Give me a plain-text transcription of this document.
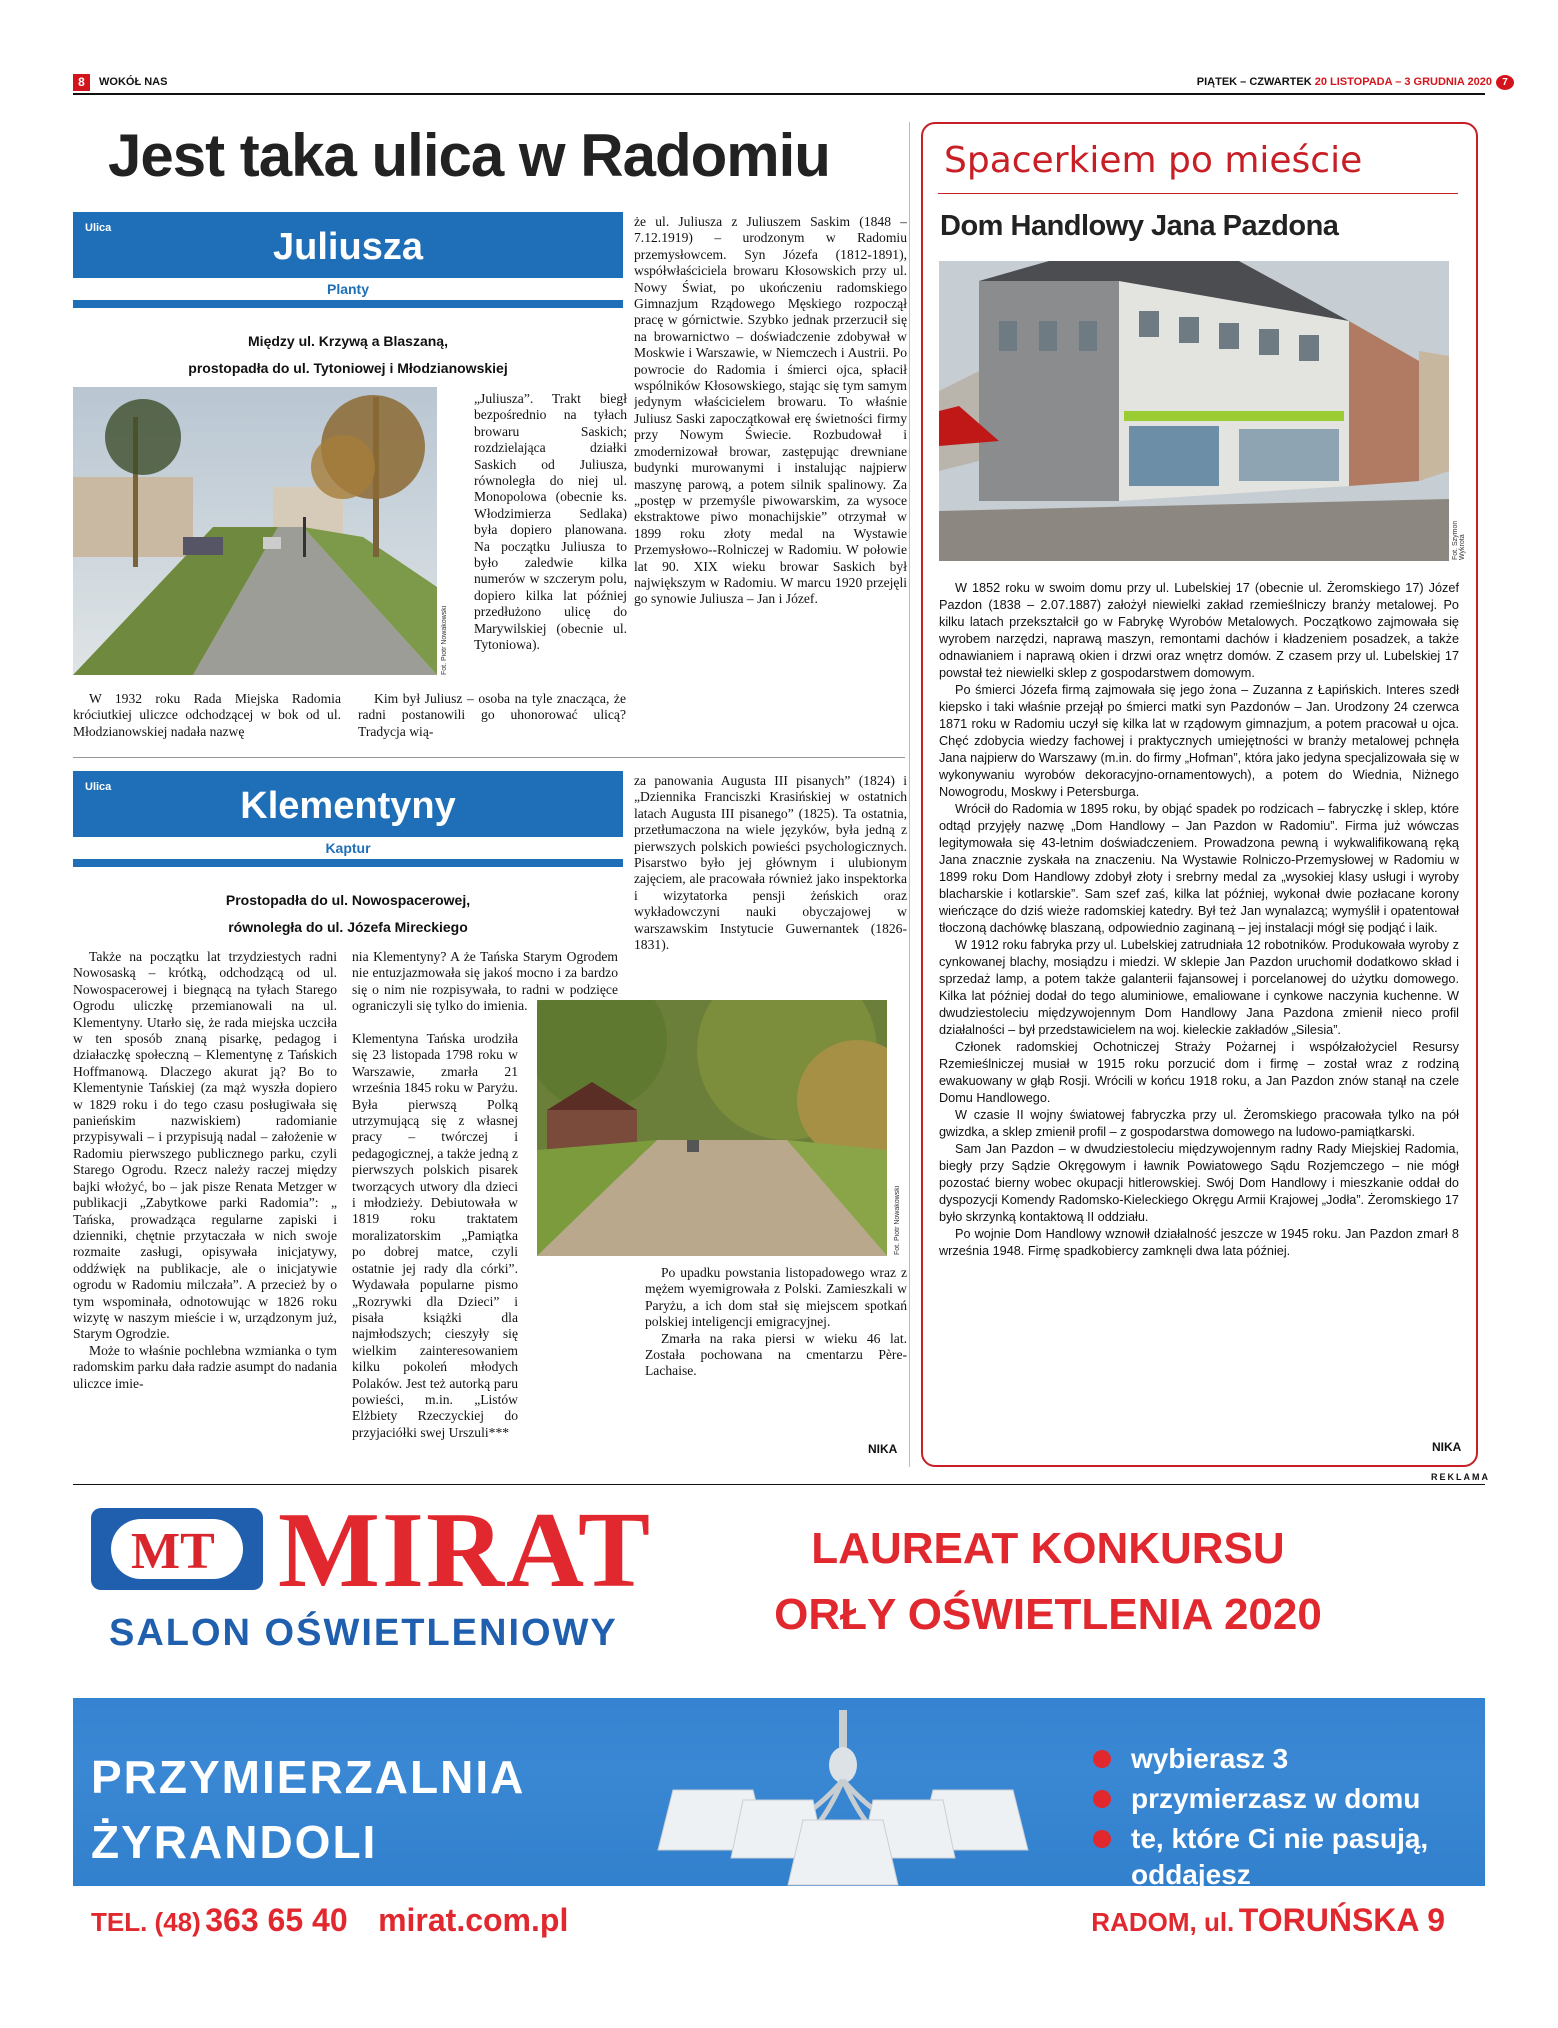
8	WOKÓŁ NAS	PIĄTEK – CZWARTEK 20 LISTOPADA – 3 GRUDNIA 2020	7
Jest taka ulica w Radomiu
Ulica	Juliusza
Planty
Między ul. Krzywą a Blaszaną,
prostopadła do ul. Tytoniowej i Młodzianowskiej
Fot. Piotr Nowakowski

„Juliusza”. Trakt biegł bezpośrednio na tyłach browaru Saskich; rozdzielająca działki Saskich od Juliusza, równoległa do niej ul. Monopolowa (obecnie ks. Włodzimierza Sedlaka) była dopiero planowana. Na początku Juliusza to było zaledwie kilka numerów w szczerym polu, dopiero kilka lat później przedłużono ulicę do Marywilskiej (obecnie ul. Tytoniowa).

W 1932 roku Rada Miejska Radomia króciutkiej uliczce odchodzącej w bok od ul. Młodzianowskiej nadała nazwę

Kim był Juliusz – osoba na tyle znacząca, że radni postanowili go uhonorować ulicą? Tradycja wią-

że ul. Juliusza z Juliuszem Saskim (1848 – 7.12.1919) – urodzonym w Radomiu przemysłowcem. Syn Józefa (1812-1891), współwłaściciela browaru Kłosowskich przy ul. Nowy Świat, po ukończeniu radomskiego Gimnazjum Rządowego Męskiego rozpoczął pracę w górnictwie. Szybko jednak przerzucił się na browarnictwo – doświadczenie zdobywał w Moskwie i Warszawie, w Niemczech i Austrii. Po powrocie do Radomia i śmierci ojca, spłacił wspólników Kłosowskiego, stając się tym samym jedynym właścicielem browaru. To właśnie Juliusz Saski zapoczątkował erę świetności firmy przy Nowym Świecie. Rozbudował i zmodernizował browar, zastępując drewniane budynki murowanymi i instalując najpierw maszynę parową, a potem silnik spalinowy. Za „postęp w przemyśle piwowarskim, za wysoce ekstraktowe piwo monachijskie” otrzymał w 1899 roku złoty medal na Wystawie Przemysłowo--Rolniczej w Radomiu. W połowie lat 90. XIX wieku browar Saskich był największym w Radomiu. W marcu 1920 przejęli go synowie Juliusza – Jan i Józef.

Ulica	Klementyny
Kaptur
Prostopadła do ul. Nowospacerowej,
równoległa do ul. Józefa Mireckiego

Także na początku lat trzydziestych radni Nowosaską – krótką, odchodzącą od ul. Nowospacerowej i biegnącą na tyłach Starego Ogrodu uliczkę przemianowali na ul. Klementyny. Utarło się, że rada miejska uczciła w ten sposób znaną pisarkę, pedagog i działaczkę społeczną – Klementynę z Tańskich Hoffmanową. Dlaczego akurat ją? Bo to Klementynie Tańskiej (za mąż wyszła dopiero w 1829 roku i do tego czasu posługiwała się panieńskim nazwiskiem) radomianie przypisywali – i przypisują nadal – założenie w Radomiu pierwszego publicznego parku, czyli Starego Ogrodu. Rzecz należy raczej między bajki włożyć, bo – jak pisze Renata Metzger w publikacji „Zabytkowe parki Radomia”: „ Tańska, prowadząca regularne zapiski i dzienniki, chętnie przytaczała w nich swoje rozmaite zasługi, opisywała inicjatywy, oddźwięk na publikacje, ale o inicjatywie ogrodu w Radomiu milczała”. A przecież by o tym wspominała, odnotowując w 1826 roku wizytę w naszym mieście i w, urządzonym już, Starym Ogrodzie.

Może to właśnie pochlebna wzmianka o tym radomskim parku dała radzie asumpt do nadania uliczce imie-

nia Klementyny? A że Tańska Starym Ogrodem nie entuzjazmowała się jakoś mocno i za bardzo się o nim nie rozpisywała, to radni w podzięce ograniczyli się tylko do imienia.

Klementyna Tańska urodziła się 23 listopada 1798 roku w Warszawie, zmarła 21 września 1845 roku w Paryżu. Była pierwszą Polką utrzymującą się z własnej pracy – twórczej i pedagogicznej, a także jedną z pierwszych polskich pisarek tworzących utwory dla dzieci i młodzieży. Debiutowała w 1819 roku traktatem moralizatorskim „Pamiątka po dobrej matce, czyli ostatnie jej rady dla córki”. Wydawała popularne pismo „Rozrywki dla Dzieci” i pisała książki dla najmłodszych; cieszyły się wielkim zainteresowaniem kilku pokoleń młodych Polaków. Jest też autorką paru powieści, m.in. „Listów Elżbiety Rzeczyckiej do przyjaciółki swej Urszuli***

za panowania Augusta III pisanych” (1824) i „Dziennika Franciszki Krasińskiej w ostatnich latach Augusta III pisanego” (1825). Ta ostatnia, przetłumaczona na wiele języków, była jedną z pierwszych polskich powieści psychologicznych. Pisarstwo było jej głównym i ulubionym zajęciem, ale pracowała również jako inspektorka i wizytatorka pensji żeńskich oraz wykładowczyni nauki obyczajowej w warszawskim Instytucie Guwernantek (1826-1831).

Fot. Piotr Nowakowski

Po upadku powstania listopadowego wraz z mężem wyemigrowała z Polski. Zamieszkali w Paryżu, a ich dom stał się miejscem spotkań polskiej inteligencji emigracyjnej.

Zmarła na raka piersi w wieku 46 lat. Została pochowana na cmentarzu Père-Lachaise.

NIKA
Spacerkiem po mieście
Dom Handlowy Jana Pazdona
Fot. Szymon Wykrota

W 1852 roku w swoim domu przy ul. Lubelskiej 17 (obecnie ul. Żeromskiego 17) Józef Pazdon (1838 – 2.07.1887) założył niewielki zakład rzemieślniczy branży metalowej. Po kilku latach przekształcił go w Fabrykę Wyrobów Metalowych. Początkowo zajmowała się wyrobem narzędzi, naprawą maszyn, remontami dachów i kładzeniem posadzek, a także odnawianiem i naprawą okien i drzwi oraz wnętrz domów. Z czasem przy ul. Lubelskiej 17 powstał też niewielki sklep z gospodarstwem domowym.

Po śmierci Józefa firmą zajmowała się jego żona – Zuzanna z Łapińskich. Interes szedł kiepsko i taki właśnie przejął po śmierci matki syn Pazdonów – Jan. Urodzony 24 czerwca 1871 roku w Radomiu uczył się kilka lat w rządowym gimnazjum, a potem pracował u ojca. Chęć zdobycia wiedzy fachowej i praktycznych umiejętności w branży metalowej pchnęła Jana najpierw do Warszawy (m.in. do firmy „Hofman”, która jako jedyna specjalizowała się w wykonywaniu wyrobów dekoracyjno-ornamentowych), a potem do Wiednia, Niżnego Nowogrodu, Moskwy i Petersburga.

Wrócił do Radomia w 1895 roku, by objąć spadek po rodzicach – fabryczkę i sklep, które odtąd przyjęły nazwę „Dom Handlowy – Jan Pazdon w Radomiu”. Firma już wówczas legitymowała się 43-letnim doświadczeniem. Prowadzona pewną i wykwalifikowaną ręką Jana znacznie zyskała na znaczeniu. Na Wystawie Rolniczo-Przemysłowej w Radomiu w 1899 roku Dom Handlowy zdobył złoty i srebrny medal za „wysokiej klasy usługi i wyroby blacharskie i kotlarskie”. Sam szef zaś, kilka lat później, wykonał dwie pozłacane korony wieńczące do dziś wieże radomskiej katedry. Był też Jan wynalazcą; wymyślił i opatentował tłoczoną dachówkę blaszaną, odpowiednio zaginaną – jej instalacji mógł się podjąć i laik.

W 1912 roku fabryka przy ul. Lubelskiej zatrudniała 12 robotników. Produkowała wyroby z cynkowanej blachy, mosiądzu i miedzi. W sklepie Jan Pazdon uruchomił dodatkowo skład i sprzedaż lamp, a potem także galanterii fajansowej i porcelanowej do użytku domowego. Kilka lat później dodał do tego aluminiowe, emaliowane i cynkowe naczynia kuchenne. W dwudziestoleciu międzywojennym Dom Handlowy Jana Pazdona zmienił nieco profil działalności – był przedstawicielem na woj. kieleckie zakładów „Silesia”.

Członek radomskiej Ochotniczej Straży Pożarnej i współzałożyciel Resursy Rzemieślniczej musiał w 1915 roku porzucić dom i firmę – został wraz z rodziną ewakuowany w głąb Rosji. Wrócili w końcu 1918 roku, a Jan Pazdon znów stanął na czele Domu Handlowego.

W czasie II wojny światowej fabryczka przy ul. Żeromskiego pracowała tylko na pół gwizdka, a sklep zmienił profil – z gospodarstwa domowego na ludowo-pamiątkarski.

Sam Jan Pazdon – w dwudziestoleciu międzywojennym radny Rady Miejskiej Radomia, biegły przy Sądzie Okręgowym i ławnik Powiatowego Sądu Rozjemczego – nie mógł pozostać bierny wobec okupacji hitlerowskiej. Swój Dom Handlowy i mieszkanie oddał do dyspozycji Komendy Radomsko-Kieleckiego Okręgu Armii Krajowej „Jodła”. Żeromskiego 17 było skrzynką kontaktową II oddziału.

Po wojnie Dom Handlowy wznowił działalność jeszcze w 1945 roku. Jan Pazdon zmarł 8 września 1948. Firmę spadkobiercy zamknęli dwa lata później.

NIKA
REKLAMA
MT MIRAT
SALON OŚWIETLENIOWY
LAUREAT KONKURSU
ORŁY OŚWIETLENIA 2020
PRZYMIERZALNIA
ŻYRANDOLI
wybierasz 3
przymierzasz w domu
te, które Ci nie pasują,
oddajesz
TEL. (48) 363 65 40 mirat.com.pl	RADOM, ul. TORUŃSKA 9
